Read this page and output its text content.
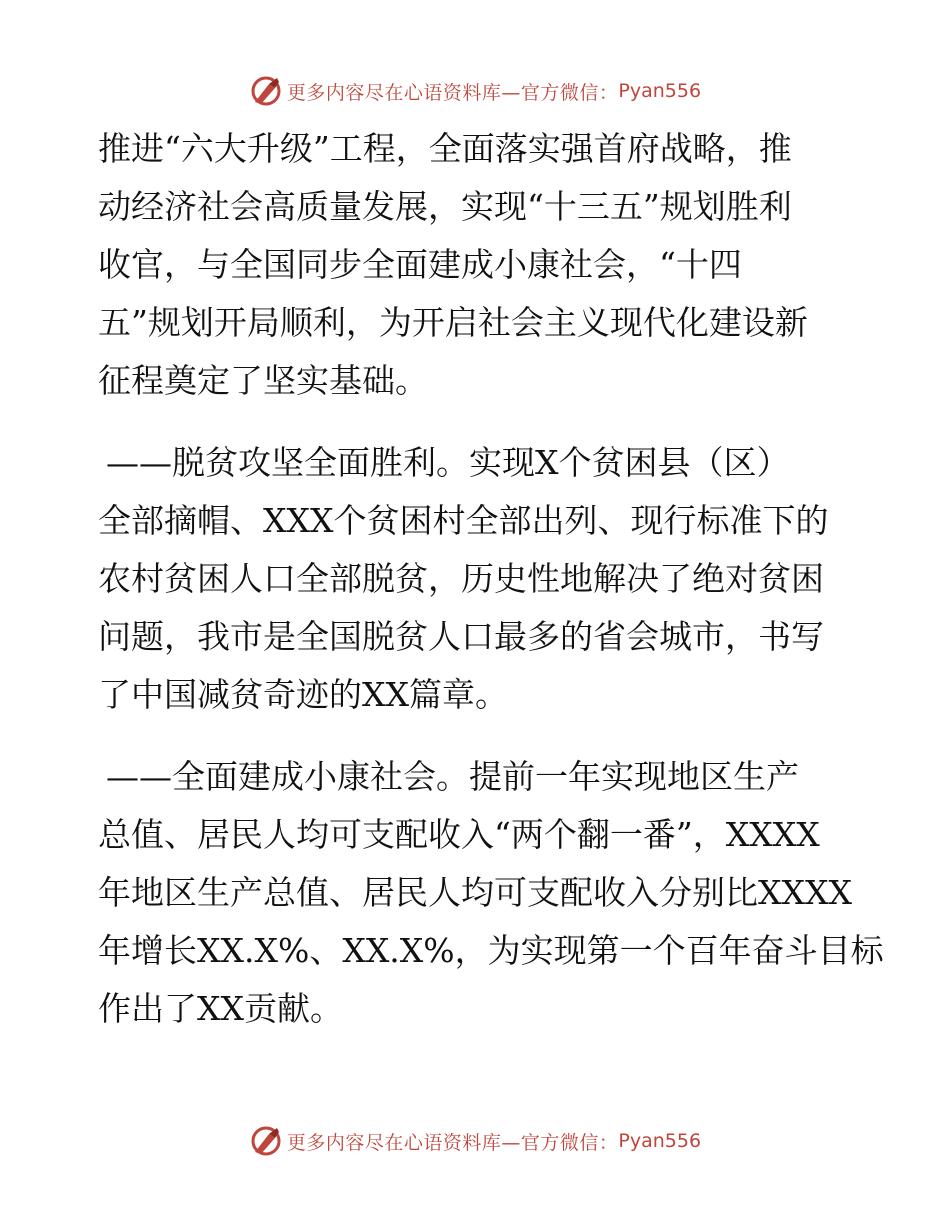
更多内容尽在心语资料库—官方微信： Pyan556

推进“六大升级”工程，全面落实强首府战略，推
动经济社会高质量发展，实现“十三五”规划胜利
收官，与全国同步全面建成小康社会，“十四
五”规划开局顺利，为开启社会主义现代化建设新
征程奠定了坚实基础。

——脱贫攻坚全面胜利。实现X个贫困县（区）
全部摘帽、XXX个贫困村全部出列、现行标准下的
农村贫困人口全部脱贫，历史性地解决了绝对贫困
问题，我市是全国脱贫人口最多的省会城市，书写
了中国减贫奇迹的XX篇章。

——全面建成小康社会。提前一年实现地区生产
总值、居民人均可支配收入“两个翻一番”，XXXX
年地区生产总值、居民人均可支配收入分别比XXXX
年增长XX.X%、XX.X%，为实现第一个百年奋斗目标
作出了XX贡献。

更多内容尽在心语资料库—官方微信： Pyan556
